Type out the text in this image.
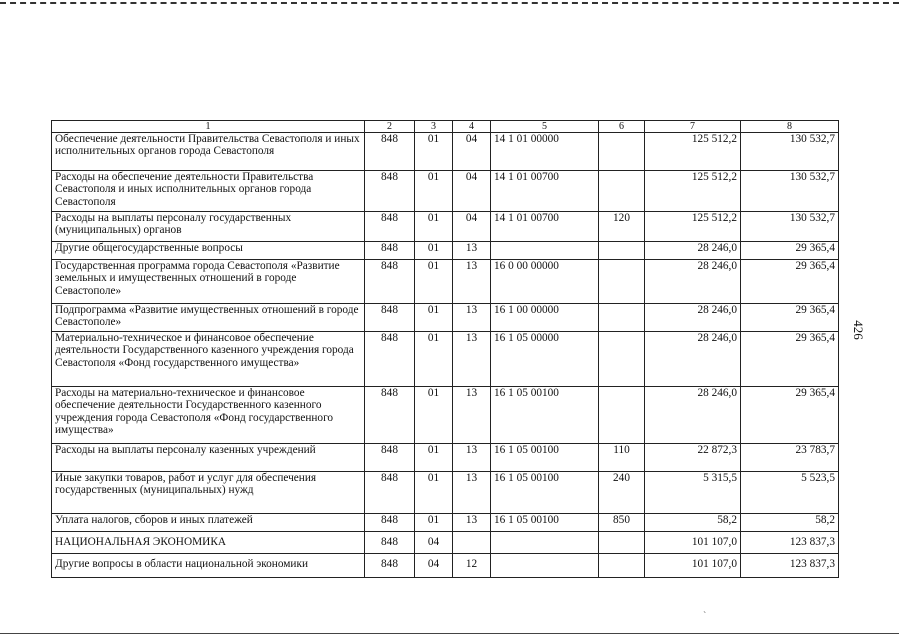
1	2	3	4	5	6	7	8
Обеспечение деятельности Правительства Севастополя и иных исполнительных органов города Севастополя	848	01	04	14 1 01 00000		125 512,2	130 532,7
Расходы на обеспечение деятельности Правительства Севастополя и иных исполнительных органов города Севастополя	848	01	04	14 1 01 00700		125 512,2	130 532,7
Расходы на выплаты персоналу государственных (муниципальных) органов	848	01	04	14 1 01 00700	120	125 512,2	130 532,7
Другие общегосударственные вопросы	848	01	13			28 246,0	29 365,4
Государственная программа города Севастополя «Развитие земельных и имущественных отношений в городе Севастополе»	848	01	13	16 0 00 00000		28 246,0	29 365,4
Подпрограмма «Развитие имущественных отношений в городе Севастополе»	848	01	13	16 1 00 00000		28 246,0	29 365,4
Материально-техническое и финансовое обеспечение деятельности Государственного казенного учреждения города Севастополя «Фонд государственного имущества»	848	01	13	16 1 05 00000		28 246,0	29 365,4
Расходы на материально-техническое и финансовое обеспечение деятельности Государственного казенного учреждения города Севастополя «Фонд государственного имущества»	848	01	13	16 1 05 00100		28 246,0	29 365,4
Расходы на выплаты персоналу казенных учреждений	848	01	13	16 1 05 00100	110	22 872,3	23 783,7
Иные закупки товаров, работ и услуг для обеспечения государственных (муниципальных) нужд	848	01	13	16 1 05 00100	240	5 315,5	5 523,5
Уплата налогов, сборов и иных платежей	848	01	13	16 1 05 00100	850	58,2	58,2
НАЦИОНАЛЬНАЯ ЭКОНОМИКА	848	04				101 107,0	123 837,3
Другие вопросы в области национальной экономики	848	04	12			101 107,0	123 837,3
426
`
